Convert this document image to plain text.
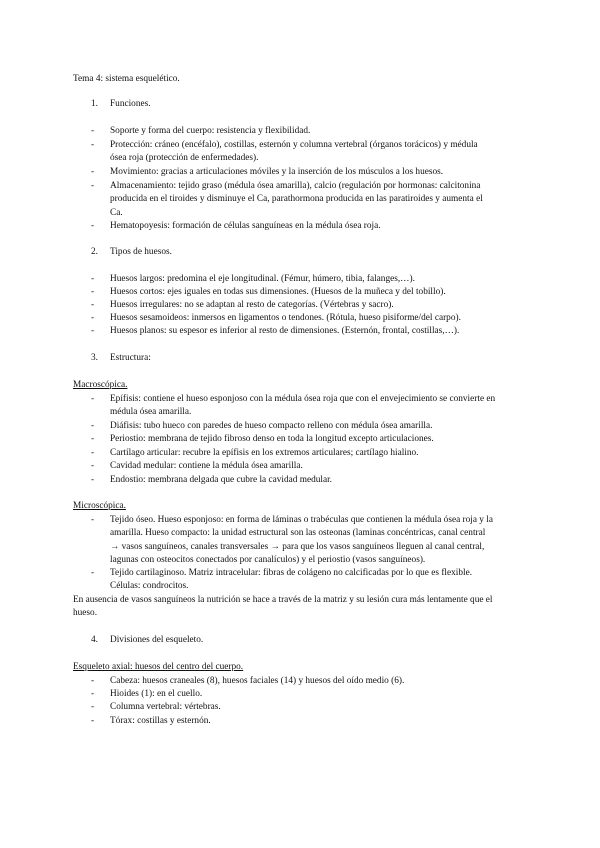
Tema 4: sistema esquelético.
1. Funciones.
- Soporte y forma del cuerpo: resistencia y flexibilidad.
- Protección: cráneo (encéfalo), costillas, esternón y columna vertebral (órganos torácicos) y médula
ósea roja (protección de enfermedades).
- Movimiento: gracias a articulaciones móviles y la inserción de los músculos a los huesos.
- Almacenamiento: tejido graso (médula ósea amarilla), calcio (regulación por hormonas: calcitonina
producida en el tiroides y disminuye el Ca, parathormona producida en las paratiroides y aumenta el
Ca.
- Hematopoyesis: formación de células sanguíneas en la médula ósea roja.
2. Tipos de huesos.
- Huesos largos: predomina el eje longitudinal. (Fémur, húmero, tibia, falanges,…).
- Huesos cortos: ejes iguales en todas sus dimensiones. (Huesos de la muñeca y del tobillo).
- Huesos irregulares: no se adaptan al resto de categorías. (Vértebras y sacro).
- Huesos sesamoideos: inmersos en ligamentos o tendones. (Rótula, hueso pisiforme/del carpo).
- Huesos planos: su espesor es inferior al resto de dimensiones. (Esternón, frontal, costillas,…).
3. Estructura:
Macroscópica.
- Epífisis: contiene el hueso esponjoso con la médula ósea roja que con el envejecimiento se convierte en
médula ósea amarilla.
- Diáfisis: tubo hueco con paredes de hueso compacto relleno con médula ósea amarilla.
- Periostio: membrana de tejido fibroso denso en toda la longitud excepto articulaciones.
- Cartílago articular: recubre la epífisis en los extremos articulares; cartílago hialino.
- Cavidad medular: contiene la médula ósea amarilla.
- Endostio: membrana delgada que cubre la cavidad medular.
Microscópica.
- Tejido óseo. Hueso esponjoso: en forma de láminas o trabéculas que contienen la médula ósea roja y la
amarilla. Hueso compacto: la unidad estructural son las osteonas (laminas concéntricas, canal central
→ vasos sanguíneos, canales transversales → para que los vasos sanguíneos lleguen al canal central,
lagunas con osteocitos conectados por canalículos) y el periostio (vasos sanguíneos).
- Tejido cartilaginoso. Matriz intracelular: fibras de colágeno no calcificadas por lo que es flexible.
Células: condrocitos.
En ausencia de vasos sanguíneos la nutrición se hace a través de la matriz y su lesión cura más lentamente que el
hueso.
4. Divisiones del esqueleto.
Esqueleto axial: huesos del centro del cuerpo.
- Cabeza: huesos craneales (8), huesos faciales (14) y huesos del oído medio (6).
- Hioides (1): en el cuello.
- Columna vertebral: vértebras.
- Tórax: costillas y esternón.
